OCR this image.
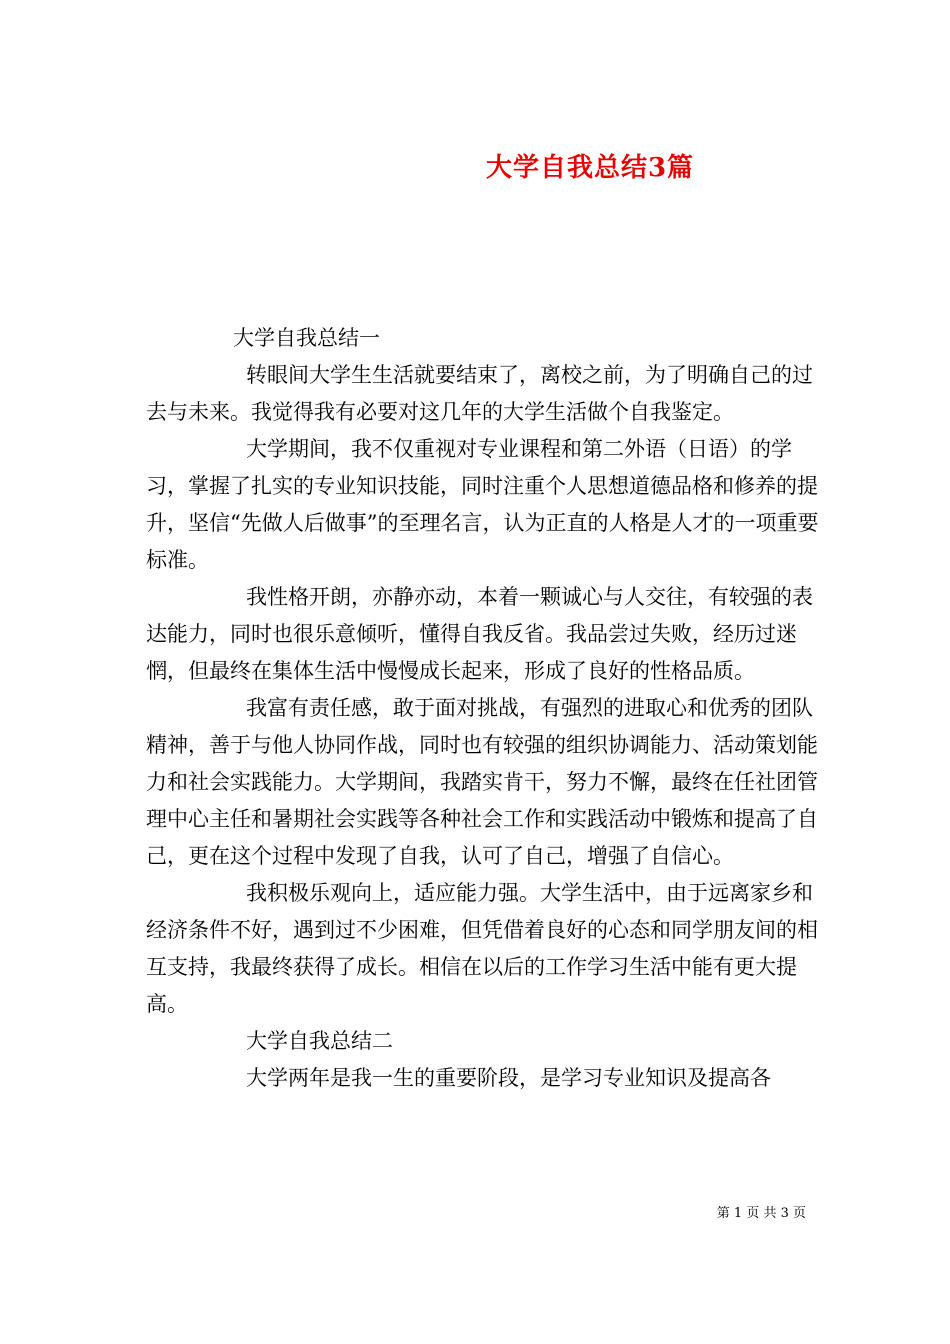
大学自我总结3篇

大学自我总结一

转眼间大学生生活就要结束了，离校之前，为了明确自己的过去与未来。我觉得我有必要对这几年的大学生活做个自我鉴定。

大学期间，我不仅重视对专业课程和第二外语（日语）的学习，掌握了扎实的专业知识技能，同时注重个人思想道德品格和修养的提升，坚信“先做人后做事”的至理名言，认为正直的人格是人才的一项重要标准。

我性格开朗，亦静亦动，本着一颗诚心与人交往，有较强的表达能力，同时也很乐意倾听，懂得自我反省。我品尝过失败，经历过迷惘，但最终在集体生活中慢慢成长起来，形成了良好的性格品质。

我富有责任感，敢于面对挑战，有强烈的进取心和优秀的团队精神，善于与他人协同作战，同时也有较强的组织协调能力、活动策划能力和社会实践能力。大学期间，我踏实肯干，努力不懈，最终在任社团管理中心主任和暑期社会实践等各种社会工作和实践活动中锻炼和提高了自己，更在这个过程中发现了自我，认可了自己，增强了自信心。

我积极乐观向上，适应能力强。大学生活中，由于远离家乡和经济条件不好，遇到过不少困难，但凭借着良好的心态和同学朋友间的相互支持，我最终获得了成长。相信在以后的工作学习生活中能有更大提高。

大学自我总结二

大学两年是我一生的重要阶段，是学习专业知识及提高各

第 1 页 共 3 页
